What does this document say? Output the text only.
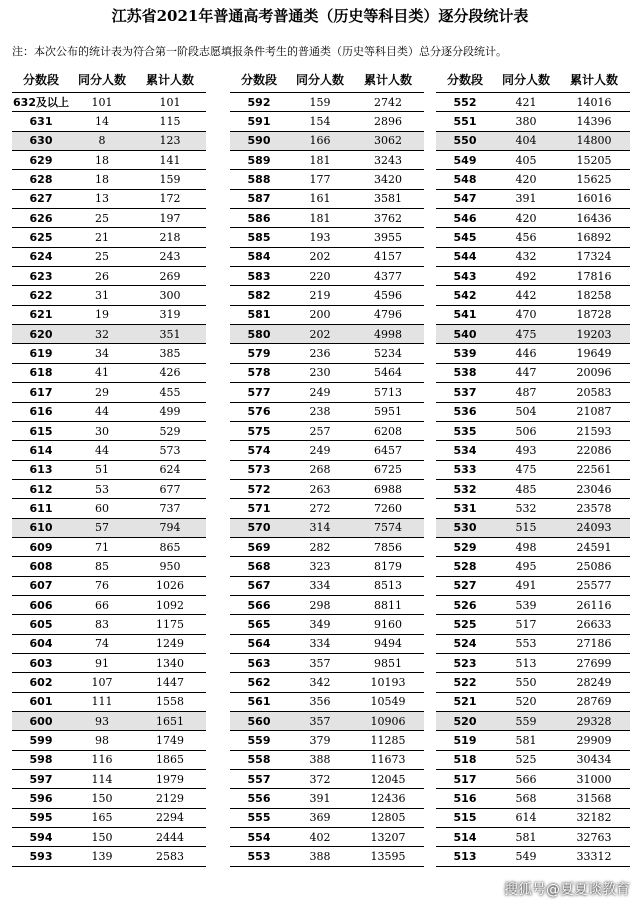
江苏省2021年普通高考普通类（历史等科目类）逐分段统计表
注：本次公布的统计表为符合第一阶段志愿填报条件考生的普通类（历史等科目类）总分逐分段统计。
分数段	同分人数	累计人数
632及以上	101	101
631	14	115
630	8	123
629	18	141
628	18	159
627	13	172
626	25	197
625	21	218
624	25	243
623	26	269
622	31	300
621	19	319
620	32	351
619	34	385
618	41	426
617	29	455
616	44	499
615	30	529
614	44	573
613	51	624
612	53	677
611	60	737
610	57	794
609	71	865
608	85	950
607	76	1026
606	66	1092
605	83	1175
604	74	1249
603	91	1340
602	107	1447
601	111	1558
600	93	1651
599	98	1749
598	116	1865
597	114	1979
596	150	2129
595	165	2294
594	150	2444
593	139	2583
分数段	同分人数	累计人数
592	159	2742
591	154	2896
590	166	3062
589	181	3243
588	177	3420
587	161	3581
586	181	3762
585	193	3955
584	202	4157
583	220	4377
582	219	4596
581	200	4796
580	202	4998
579	236	5234
578	230	5464
577	249	5713
576	238	5951
575	257	6208
574	249	6457
573	268	6725
572	263	6988
571	272	7260
570	314	7574
569	282	7856
568	323	8179
567	334	8513
566	298	8811
565	349	9160
564	334	9494
563	357	9851
562	342	10193
561	356	10549
560	357	10906
559	379	11285
558	388	11673
557	372	12045
556	391	12436
555	369	12805
554	402	13207
553	388	13595
分数段	同分人数	累计人数
552	421	14016
551	380	14396
550	404	14800
549	405	15205
548	420	15625
547	391	16016
546	420	16436
545	456	16892
544	432	17324
543	492	17816
542	442	18258
541	470	18728
540	475	19203
539	446	19649
538	447	20096
537	487	20583
536	504	21087
535	506	21593
534	493	22086
533	475	22561
532	485	23046
531	532	23578
530	515	24093
529	498	24591
528	495	25086
527	491	25577
526	539	26116
525	517	26633
524	553	27186
523	513	27699
522	550	28249
521	520	28769
520	559	29328
519	581	29909
518	525	30434
517	566	31000
516	568	31568
515	614	32182
514	581	32763
513	549	33312
搜狐号@夏夏谈教育
